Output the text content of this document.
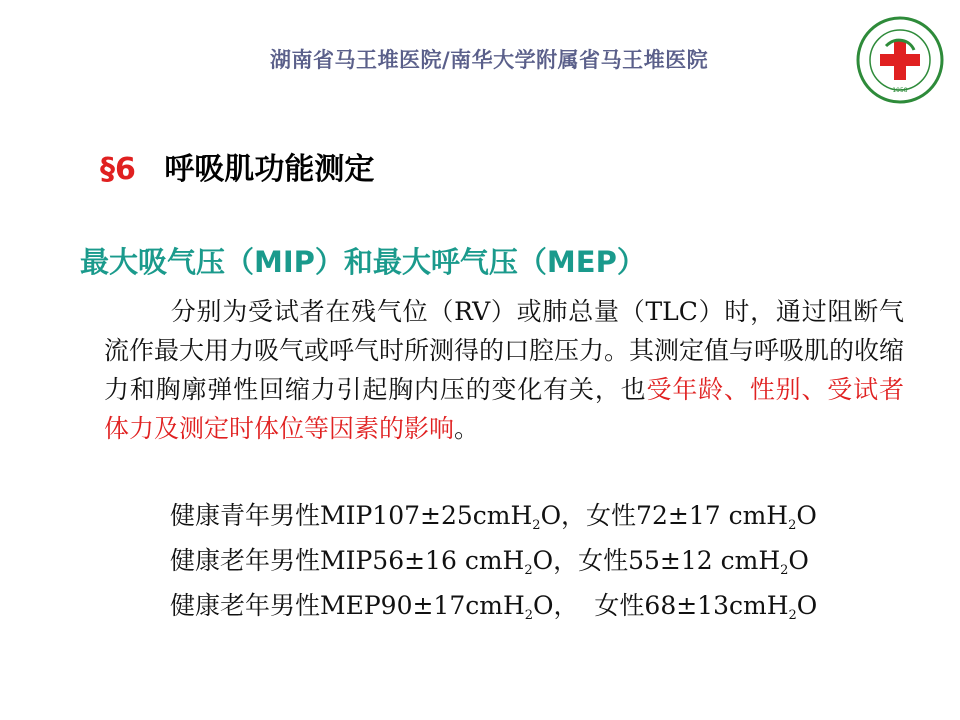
湖南省马王堆医院/南华大学附属省马王堆医院
1958
§6 呼吸肌功能测定
最大吸气压（MIP）和最大呼气压（MEP）
分别为受试者在残气位（RV）或肺总量（TLC）时，通过阻断气流作最大用力吸气或呼气时所测得的口腔压力。其测定值与呼吸肌的收缩力和胸廓弹性回缩力引起胸内压的变化有关，也受年龄、性别、受试者体力及测定时体位等因素的影响。
健康青年男性MIP107±25cmH$_2$O，女性72±17 cmH$_2$O
健康老年男性MIP56±16 cmH$_2$O，女性55±12 cmH$_2$O
健康老年男性MEP90±17cmH$_2$O，  女性68±13cmH$_2$O
